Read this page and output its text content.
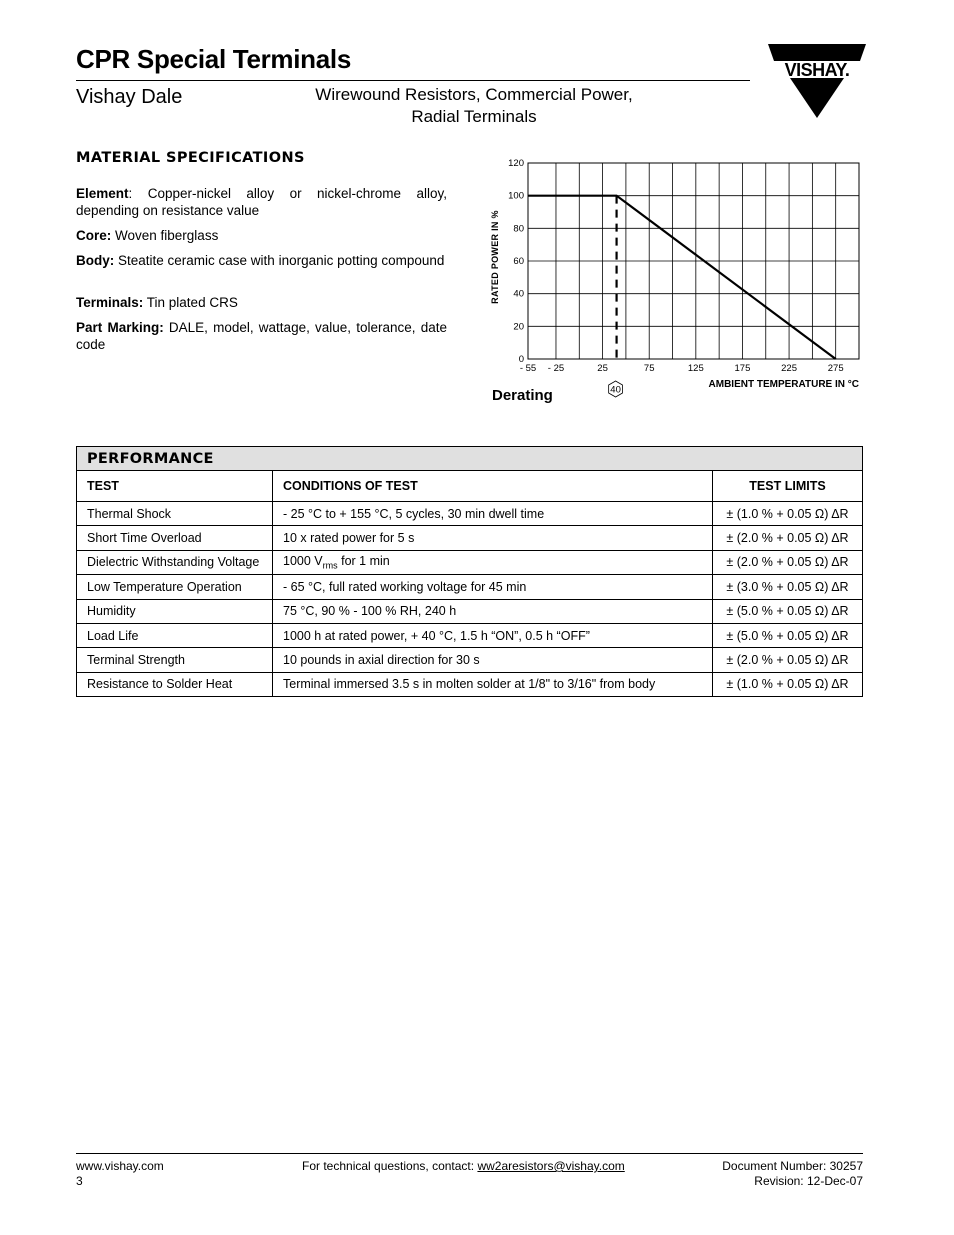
CPR Special Terminals
Vishay Dale	Wirewound Resistors, Commercial Power,
Radial Terminals
VISHAY.
MATERIAL SPECIFICATIONS
Element: Copper-nickel alloy or nickel-chrome alloy, depending on resistance value
Core: Woven fiberglass
Body: Steatite ceramic case with inorganic potting compound
Terminals: Tin plated CRS
Part Marking: DALE, model, wattage, value, tolerance, date code
0
20
40
60
80
100
120
- 55 - 25	25	75	125	175	225	275
40
RATED POWER IN %
AMBIENT TEMPERATURE IN °C
Derating
PERFORMANCE		
TEST	CONDITIONS OF TEST	TEST LIMITS
Thermal Shock	- 25 °C to + 155 °C, 5 cycles, 30 min dwell time	± (1.0 % + 0.05 Ω) ΔR
Short Time Overload	10 x rated power for 5 s	± (2.0 % + 0.05 Ω) ΔR
Dielectric Withstanding Voltage	1000 $V_{rms}$ for 1 min	± (2.0 % + 0.05 Ω) ΔR
Low Temperature Operation	- 65 °C, full rated working voltage for 45 min	± (3.0 % + 0.05 Ω) ΔR
Humidity	75 °C, 90 % - 100 % RH, 240 h	± (5.0 % + 0.05 Ω) ΔR
Load Life	1000 h at rated power, + 40 °C, 1.5 h “ON”, 0.5 h “OFF”	± (5.0 % + 0.05 Ω) ΔR
Terminal Strength	10 pounds in axial direction for 30 s	± (2.0 % + 0.05 Ω) ΔR
Resistance to Solder Heat	Terminal immersed 3.5 s in molten solder at 1/8" to 3/16" from body	± (1.0 % + 0.05 Ω) ΔR
www.vishay.com
3
For technical questions, contact: ww2aresistors@vishay.com	Document Number: 30257
Revision: 12-Dec-07
